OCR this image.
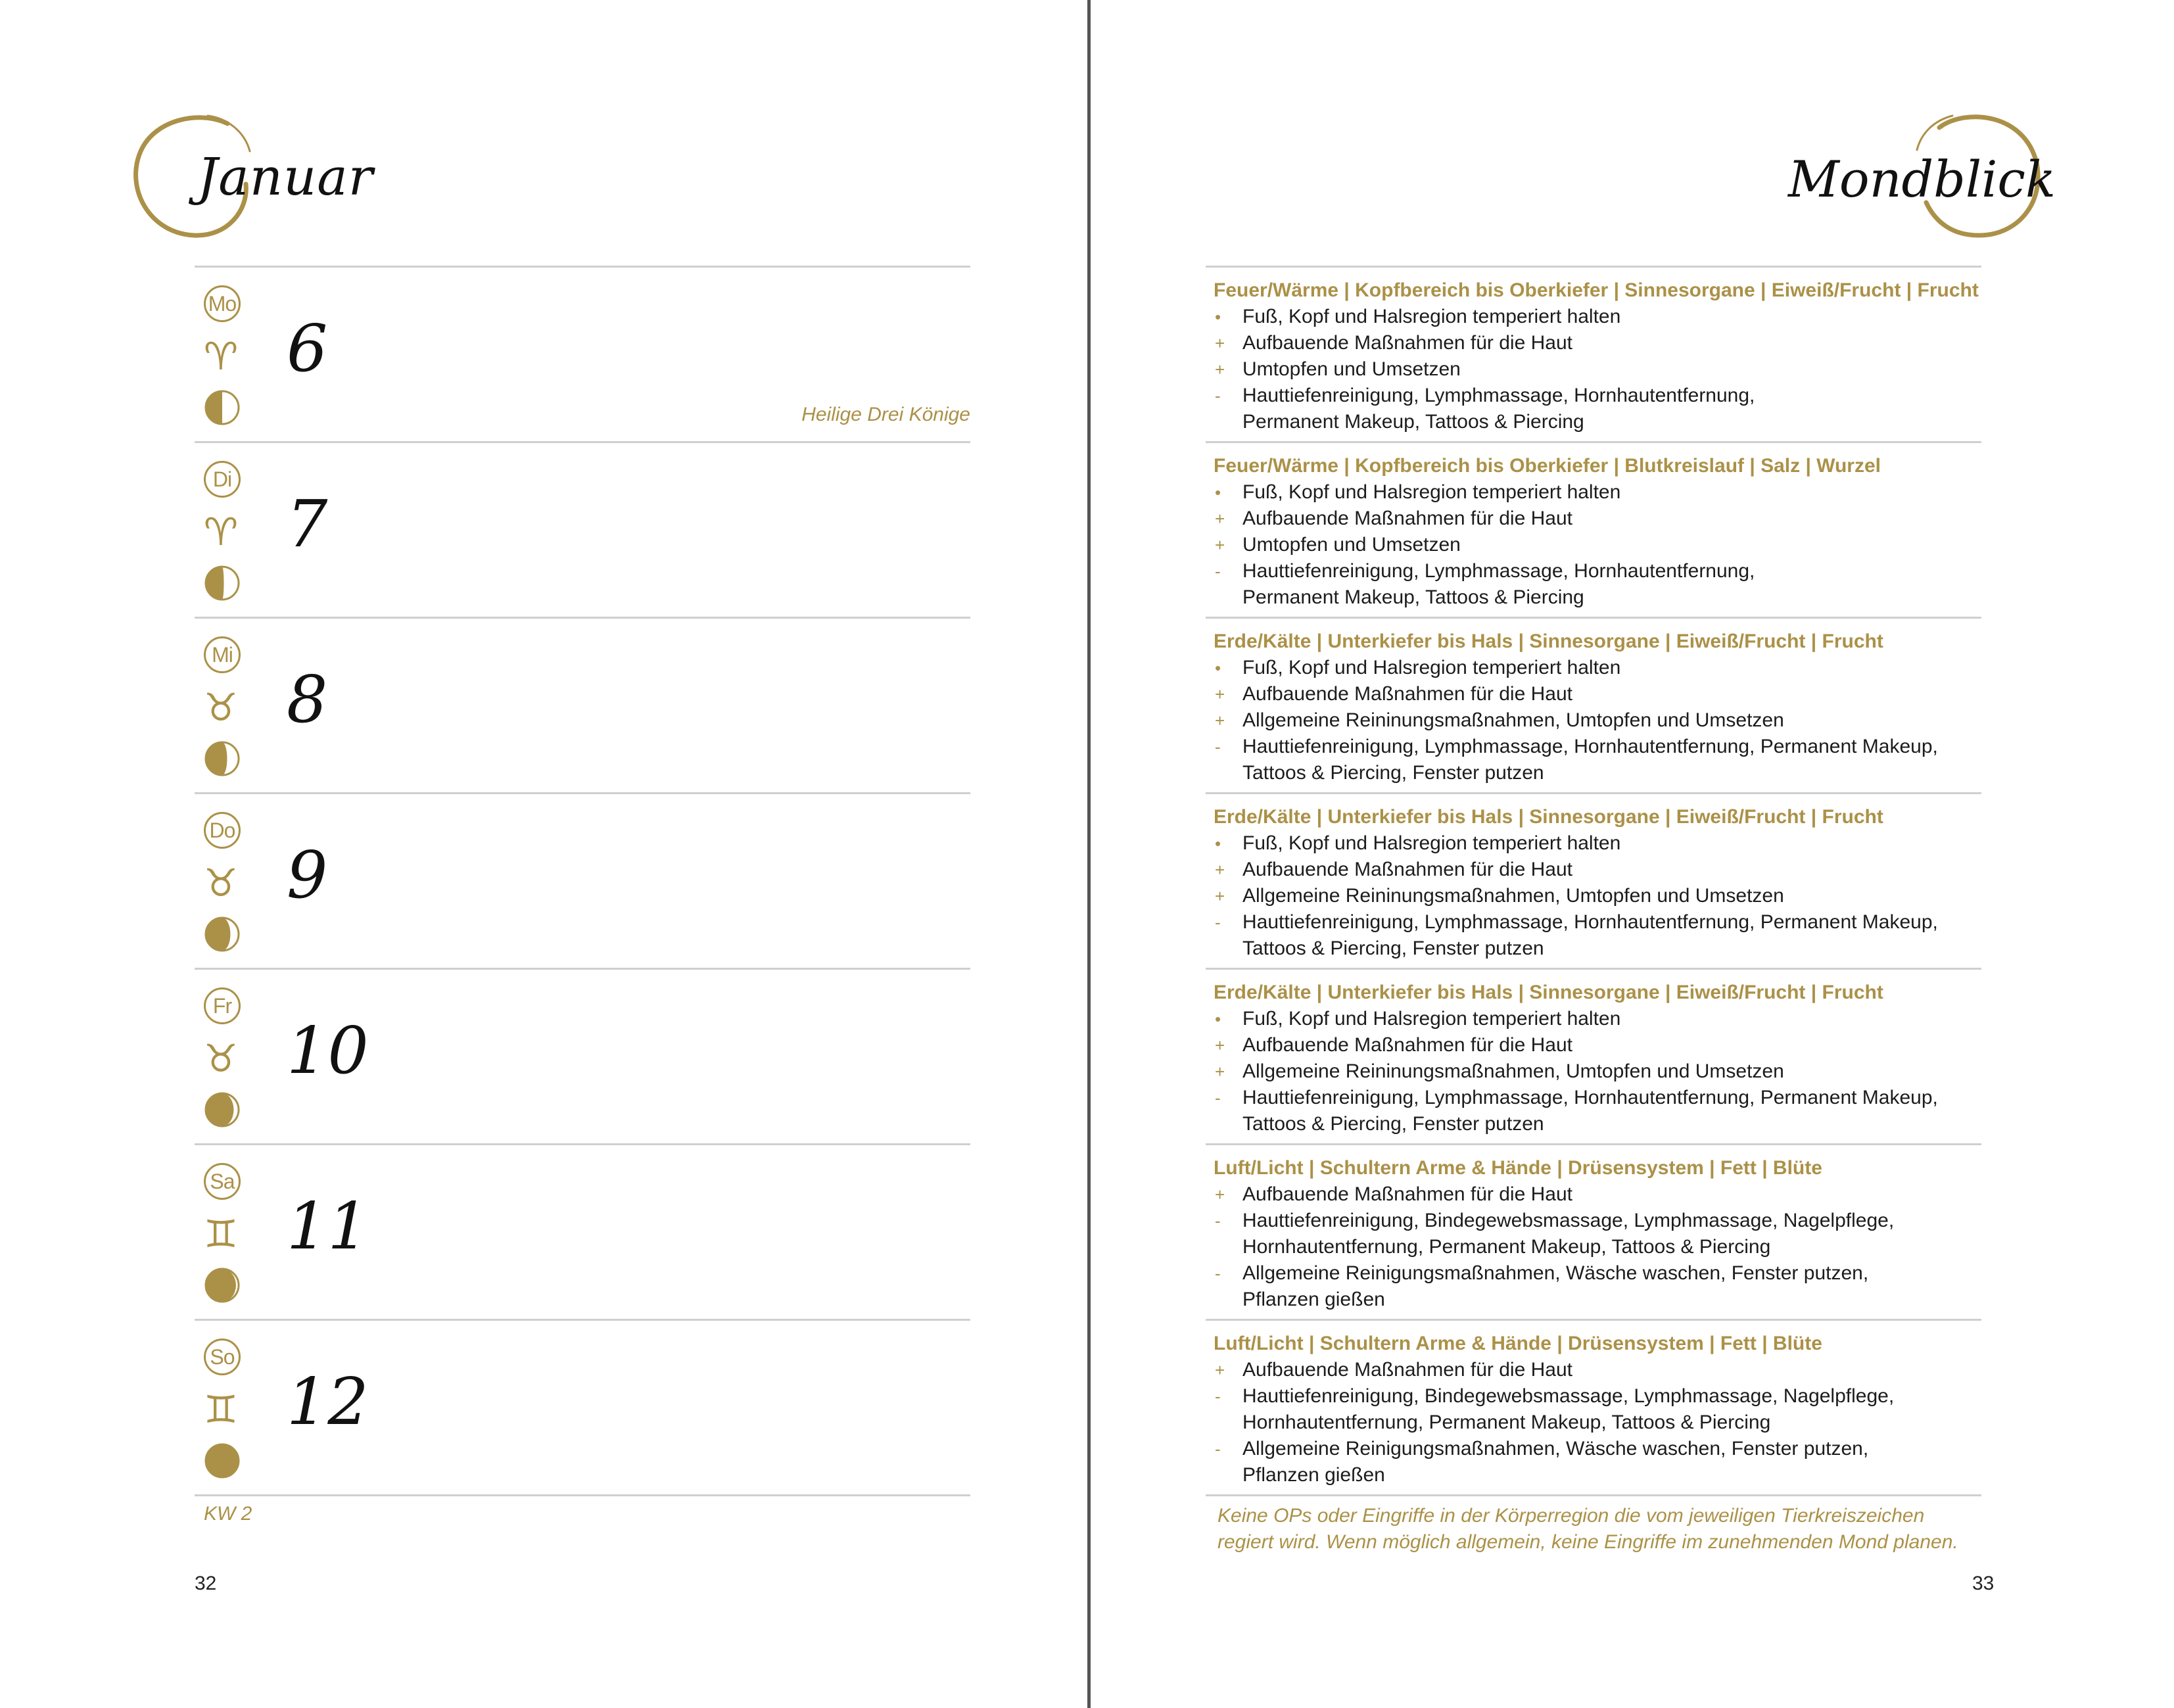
Januar
Mo
♈︎ 6
Heilige Drei Könige
Di
♈︎ 7
Mi
♉︎ 8
Do
♉︎ 9
Fr
♉︎ 10
Sa
♊︎ 11
So
♊︎ 12
KW 2
32
Mondblick
Feuer/Wärme | Kopfbereich bis Oberkiefer | Sinnesorgane | Eiweiß/Frucht | Frucht
•	Fuß, Kopf und Halsregion temperiert halten
+ Aufbauende Maßnahmen für die Haut
+ Umtopfen und Umsetzen
-	Hauttiefenreinigung, Lymphmassage, Hornhautentfernung,
Permanent Makeup, Tattoos & Piercing
Feuer/Wärme | Kopfbereich bis Oberkiefer | Blutkreislauf | Salz | Wurzel
•	Fuß, Kopf und Halsregion temperiert halten
+ Aufbauende Maßnahmen für die Haut
+ Umtopfen und Umsetzen
-	Hauttiefenreinigung, Lymphmassage, Hornhautentfernung,
Permanent Makeup, Tattoos & Piercing
Erde/Kälte | Unterkiefer bis Hals | Sinnesorgane | Eiweiß/Frucht | Frucht
•	Fuß, Kopf und Halsregion temperiert halten
+ Aufbauende Maßnahmen für die Haut
+ Allgemeine Reininungsmaßnahmen, Umtopfen und Umsetzen
-	Hauttiefenreinigung, Lymphmassage, Hornhautentfernung, Permanent Makeup,
Tattoos & Piercing, Fenster putzen
Erde/Kälte | Unterkiefer bis Hals | Sinnesorgane | Eiweiß/Frucht | Frucht
•	Fuß, Kopf und Halsregion temperiert halten
+ Aufbauende Maßnahmen für die Haut
+ Allgemeine Reininungsmaßnahmen, Umtopfen und Umsetzen
-	Hauttiefenreinigung, Lymphmassage, Hornhautentfernung, Permanent Makeup,
Tattoos & Piercing, Fenster putzen
Erde/Kälte | Unterkiefer bis Hals | Sinnesorgane | Eiweiß/Frucht | Frucht
•	Fuß, Kopf und Halsregion temperiert halten
+ Aufbauende Maßnahmen für die Haut
+ Allgemeine Reininungsmaßnahmen, Umtopfen und Umsetzen
-	Hauttiefenreinigung, Lymphmassage, Hornhautentfernung, Permanent Makeup,
Tattoos & Piercing, Fenster putzen
Luft/Licht | Schultern Arme & Hände | Drüsensystem | Fett | Blüte
+ Aufbauende Maßnahmen für die Haut
-	Hauttiefenreinigung, Bindegewebsmassage, Lymphmassage, Nagelpflege,
Hornhautentfernung, Permanent Makeup, Tattoos & Piercing
-	Allgemeine Reinigungsmaßnahmen, Wäsche waschen, Fenster putzen,
Pflanzen gießen
Luft/Licht | Schultern Arme & Hände | Drüsensystem | Fett | Blüte
+ Aufbauende Maßnahmen für die Haut
-	Hauttiefenreinigung, Bindegewebsmassage, Lymphmassage, Nagelpflege,
Hornhautentfernung, Permanent Makeup, Tattoos & Piercing
-	Allgemeine Reinigungsmaßnahmen, Wäsche waschen, Fenster putzen,
Pflanzen gießen
Keine OPs oder Eingriffe in der Körperregion die vom jeweiligen Tierkreiszeichen
regiert wird. Wenn möglich allgemein, keine Eingriffe im zunehmenden Mond planen.
33
